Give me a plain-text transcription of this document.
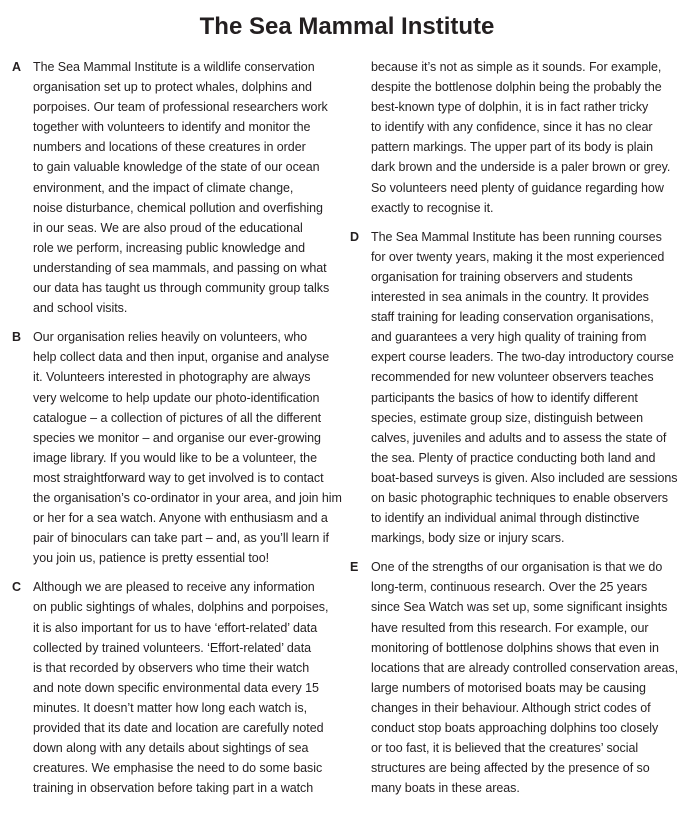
The Sea Mammal Institute
A The Sea Mammal Institute is a wildlife conservation
organisation set up to protect whales, dolphins and
porpoises. Our team of professional researchers work
together with volunteers to identify and monitor the
numbers and locations of these creatures in order
to gain valuable knowledge of the state of our ocean
environment, and the impact of climate change,
noise disturbance, chemical pollution and overfishing
in our seas. We are also proud of the educational
role we perform, increasing public knowledge and
understanding of sea mammals, and passing on what
our data has taught us through community group talks
and school visits.
B Our organisation relies heavily on volunteers, who
help collect data and then input, organise and analyse
it. Volunteers interested in photography are always
very welcome to help update our photo-identification
catalogue – a collection of pictures of all the different
species we monitor – and organise our ever-growing
image library. If you would like to be a volunteer, the
most straightforward way to get involved is to contact
the organisation’s co-ordinator in your area, and join him
or her for a sea watch. Anyone with enthusiasm and a
pair of binoculars can take part – and, as you’ll learn if
you join us, patience is pretty essential too!
C Although we are pleased to receive any information
on public sightings of whales, dolphins and porpoises,
it is also important for us to have ‘effort-related’ data
collected by trained volunteers. ‘Effort-related’ data
is that recorded by observers who time their watch
and note down specific environmental data every 15
minutes. It doesn’t matter how long each watch is,
provided that its date and location are carefully noted
down along with any details about sightings of sea
creatures. We emphasise the need to do some basic
training in observation before taking part in a watch
because it’s not as simple as it sounds. For example,
despite the bottlenose dolphin being the probably the
best-known type of dolphin, it is in fact rather tricky
to identify with any confidence, since it has no clear
pattern markings. The upper part of its body is plain
dark brown and the underside is a paler brown or grey.
So volunteers need plenty of guidance regarding how
exactly to recognise it.
D The Sea Mammal Institute has been running courses
for over twenty years, making it the most experienced
organisation for training observers and students
interested in sea animals in the country. It provides
staff training for leading conservation organisations,
and guarantees a very high quality of training from
expert course leaders. The two-day introductory course
recommended for new volunteer observers teaches
participants the basics of how to identify different
species, estimate group size, distinguish between
calves, juveniles and adults and to assess the state of
the sea. Plenty of practice conducting both land and
boat-based surveys is given. Also included are sessions
on basic photographic techniques to enable observers
to identify an individual animal through distinctive
markings, body size or injury scars.
E	One of the strengths of our organisation is that we do
long-term, continuous research. Over the 25 years
since Sea Watch was set up, some significant insights
have resulted from this research. For example, our
monitoring of bottlenose dolphins shows that even in
locations that are already controlled conservation areas,
large numbers of motorised boats may be causing
changes in their behaviour. Although strict codes of
conduct stop boats approaching dolphins too closely
or too fast, it is believed that the creatures’ social
structures are being affected by the presence of so
many boats in these areas.
